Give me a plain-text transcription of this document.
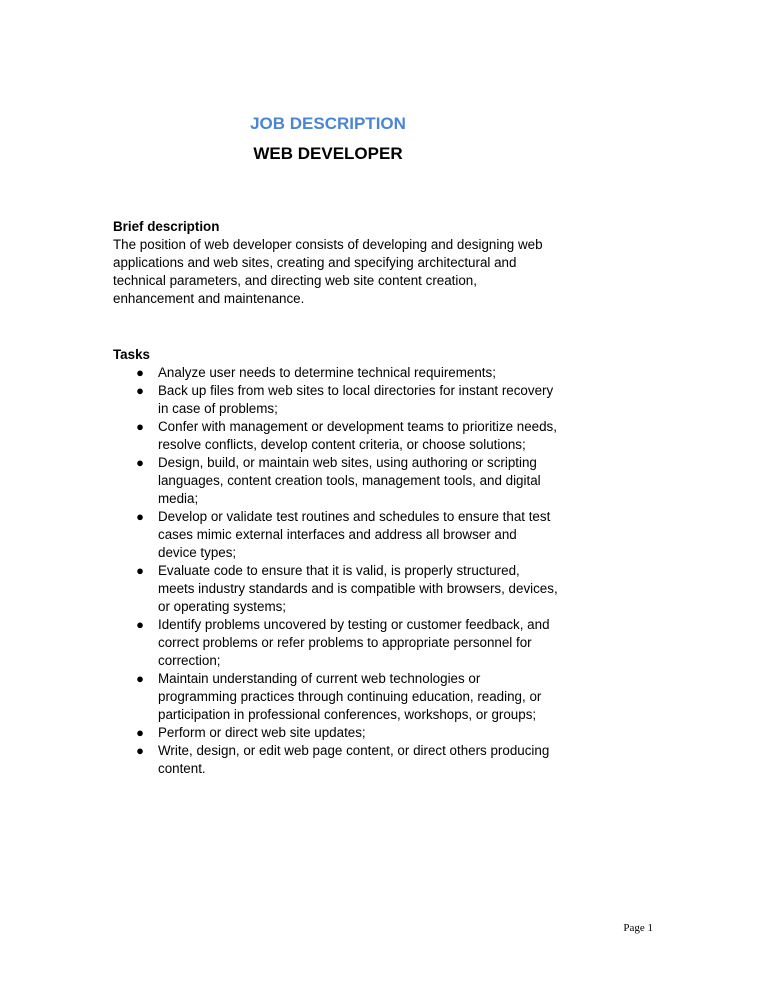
JOB DESCRIPTION
WEB DEVELOPER

Brief description

The position of web developer consists of developing and designing web applications and web sites, creating and specifying architectural and technical parameters, and directing web site content creation, enhancement and maintenance.

Tasks

● Analyze user needs to determine technical requirements;
● Back up files from web sites to local directories for instant recovery in case of problems;
● Confer with management or development teams to prioritize needs, resolve conflicts, develop content criteria, or choose solutions;
● Design, build, or maintain web sites, using authoring or scripting languages, content creation tools, management tools, and digital media;
● Develop or validate test routines and schedules to ensure that test cases mimic external interfaces and address all browser and device types;
● Evaluate code to ensure that it is valid, is properly structured, meets industry standards and is compatible with browsers, devices, or operating systems;
● Identify problems uncovered by testing or customer feedback, and correct problems or refer problems to appropriate personnel for correction;
● Maintain understanding of current web technologies or programming practices through continuing education, reading, or participation in professional conferences, workshops, or groups;
● Perform or direct web site updates;
● Write, design, or edit web page content, or direct others producing content.
Page 1
